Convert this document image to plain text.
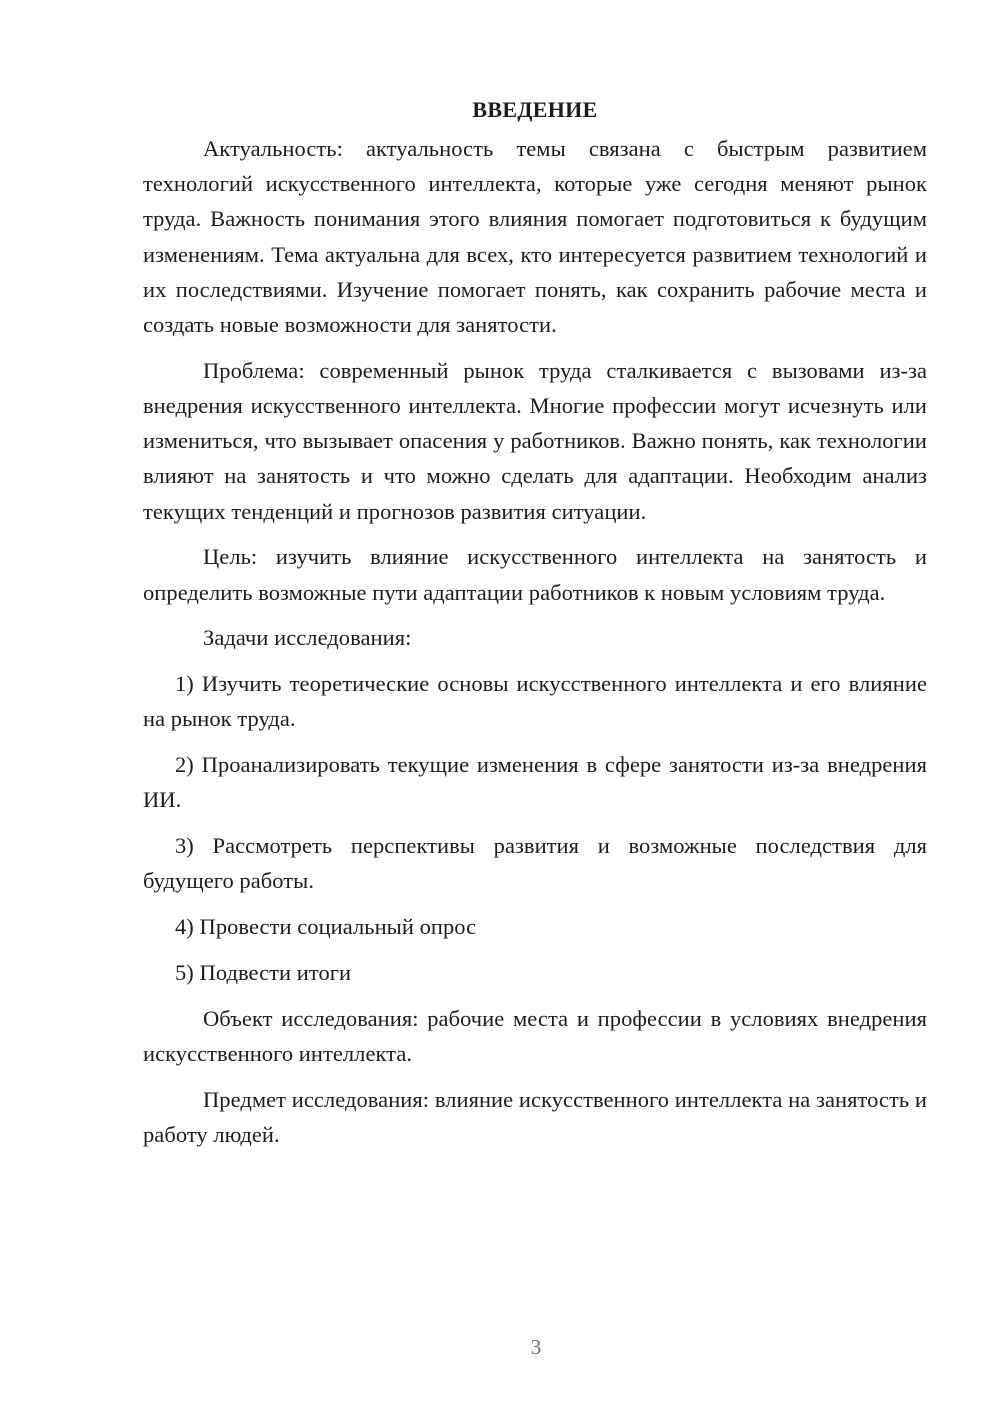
ВВЕДЕНИЕ

Актуальность: актуальность темы связана с быстрым развитием технологий искусственного интеллекта, которые уже сегодня меняют рынок труда. Важность понимания этого влияния помогает подготовиться к будущим изменениям. Тема актуальна для всех, кто интересуется развитием технологий и их последствиями. Изучение помогает понять, как сохранить рабочие места и создать новые возможности для занятости.

Проблема: современный рынок труда сталкивается с вызовами из-за внедрения искусственного интеллекта. Многие профессии могут исчезнуть или измениться, что вызывает опасения у работников. Важно понять, как технологии влияют на занятость и что можно сделать для адаптации. Необходим анализ текущих тенденций и прогнозов развития ситуации.

Цель: изучить влияние искусственного интеллекта на занятость и определить возможные пути адаптации работников к новым условиям труда.

Задачи исследования:

1) Изучить теоретические основы искусственного интеллекта и его влияние на рынок труда.

2) Проанализировать текущие изменения в сфере занятости из-за внедрения ИИ.

3) Рассмотреть перспективы развития и возможные последствия для будущего работы.

4) Провести социальный опрос

5) Подвести итоги

Объект исследования: рабочие места и профессии в условиях внедрения искусственного интеллекта.

Предмет исследования: влияние искусственного интеллекта на занятость и работу людей.

3
